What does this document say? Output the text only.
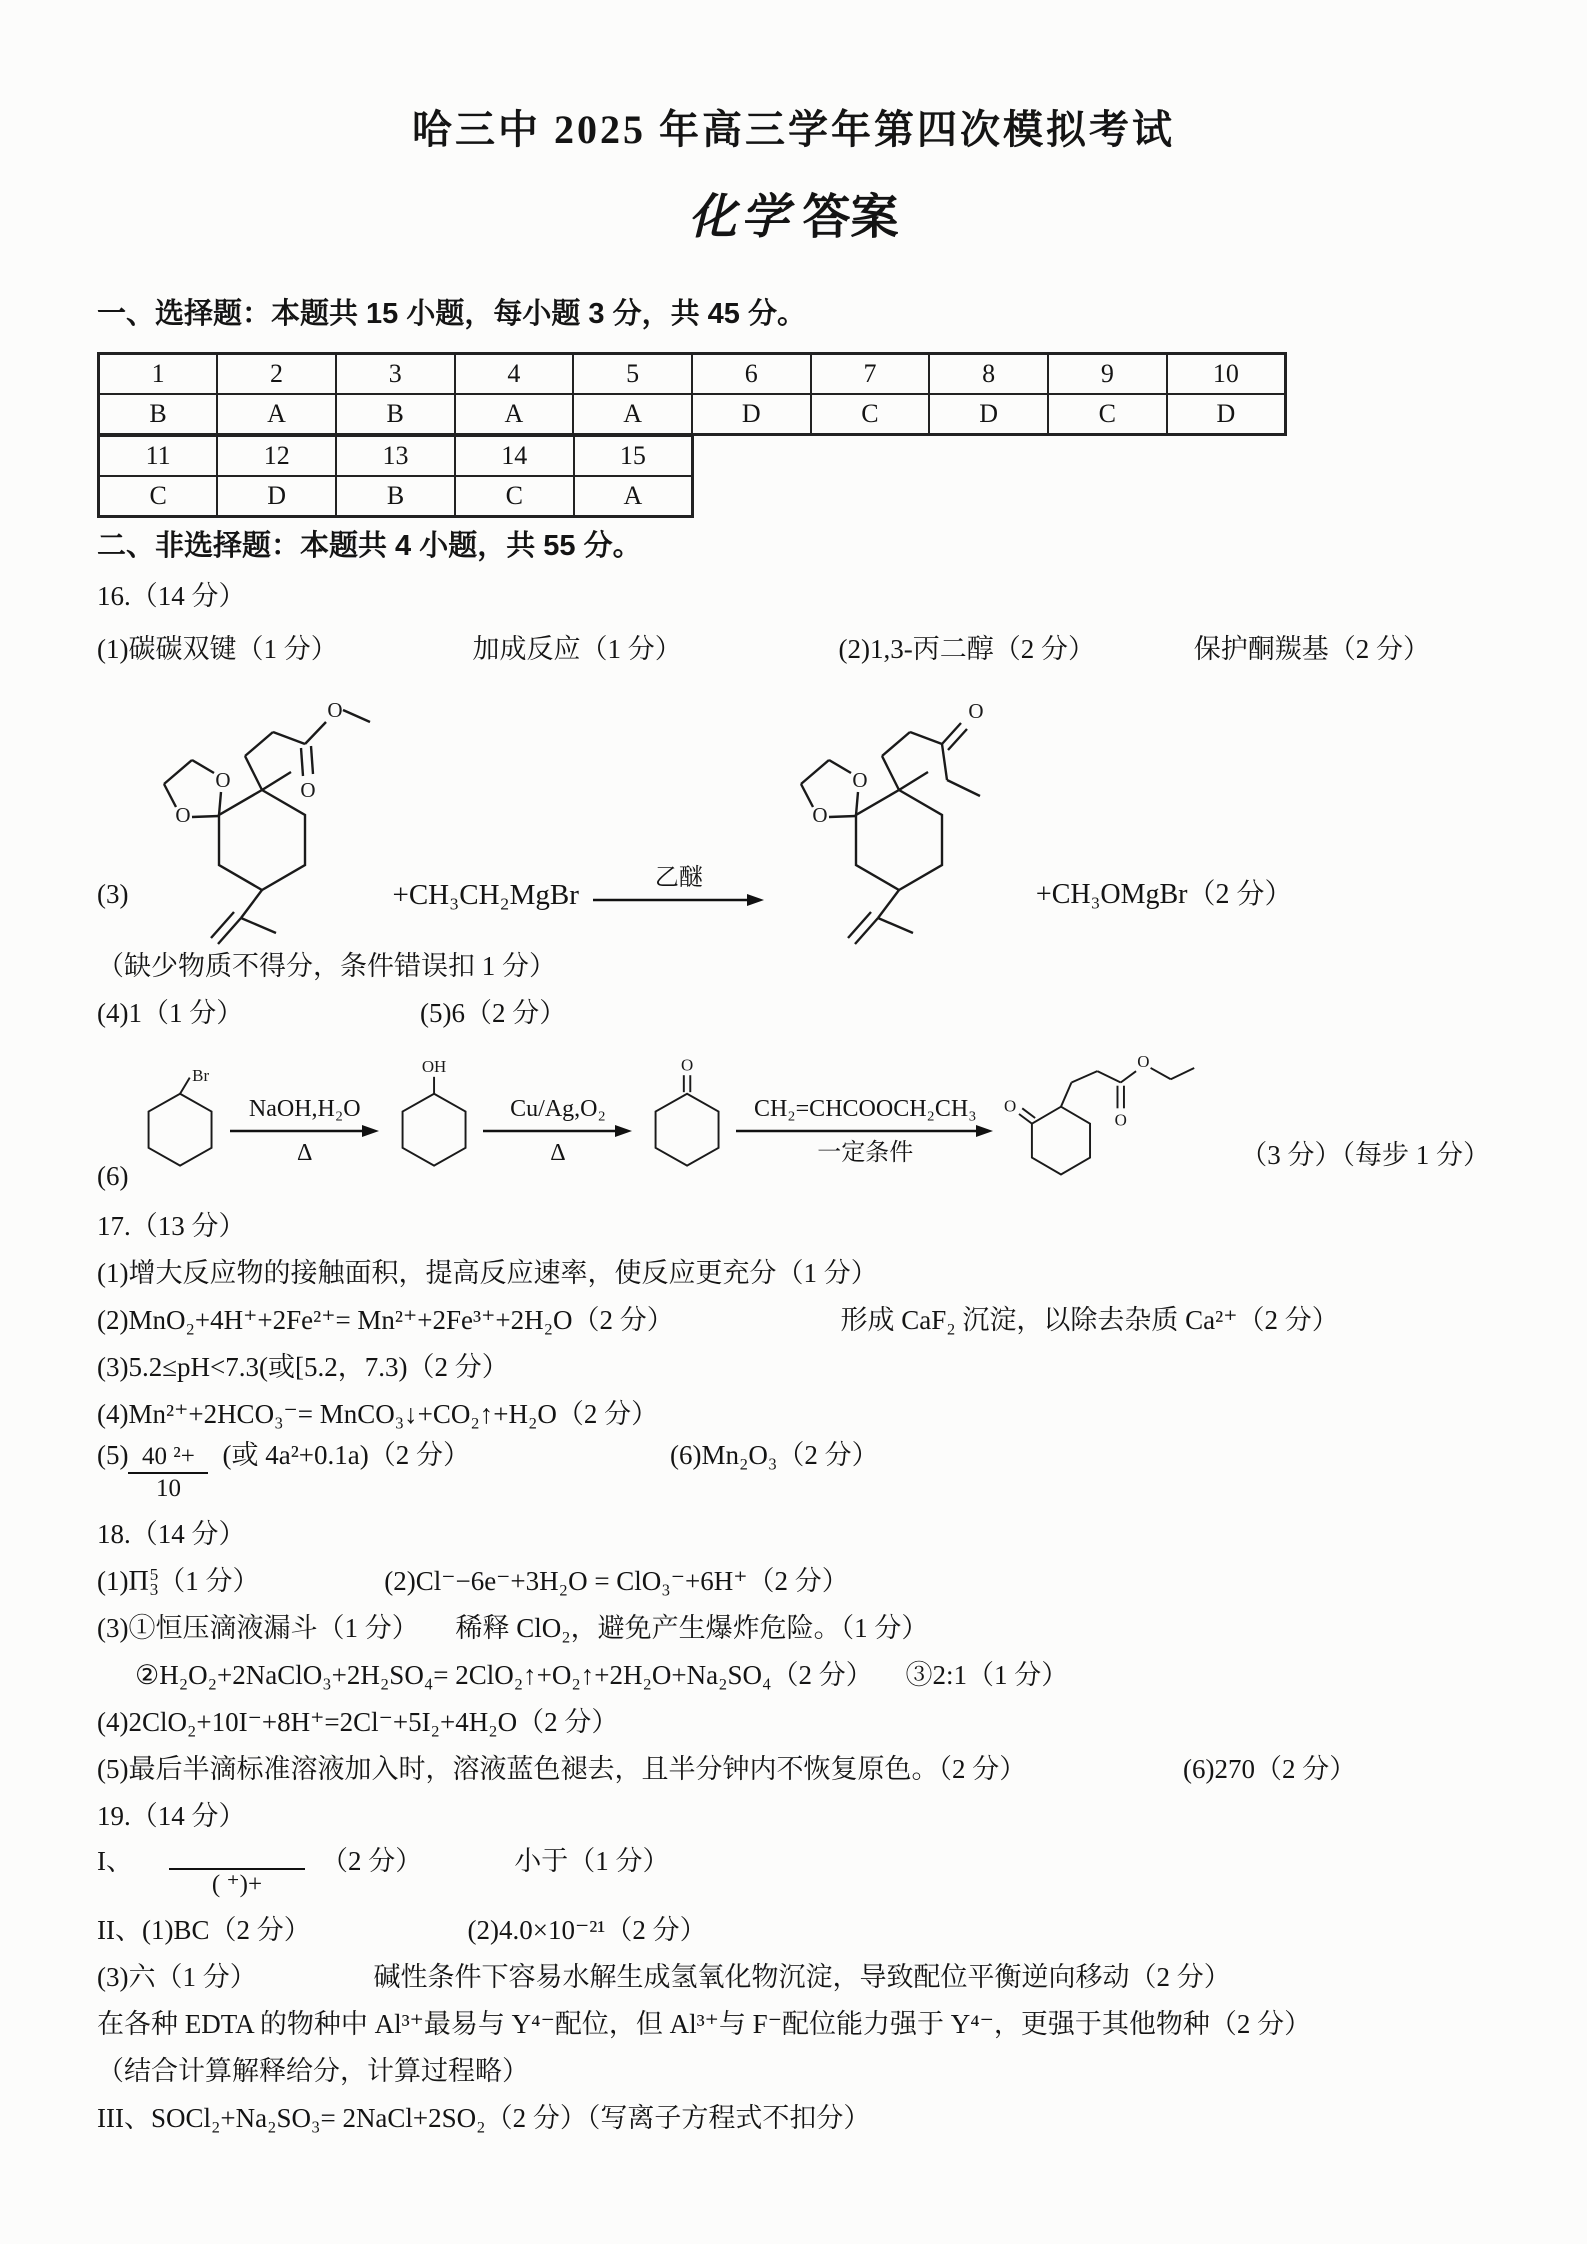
哈三中 2025 年高三学年第四次模拟考试
化学 答案
一、选择题：本题共 15 小题，每小题 3 分，共 45 分。
1	2	3	4	5	6	7	8	9	10
B	A	B	A	A	D	C	D	C	D
11	12	13	14	15
C	D	B	C	A
二、非选择题：本题共 4 小题，共 55 分。
16.（14 分）
(1)碳碳双键（1 分）	加成反应（1 分）	(2)1,3-丙二醇（2 分）	保护酮羰基（2 分）
(3)
O
O
O
O
+CH₃CH₂MgBr
乙醚
O
O
O
+CH₃OMgBr（2 分）
（缺少物质不得分，条件错误扣 1 分）
(4)1（1 分）	(5)6（2 分）
(6)
Br
NaOH,H₂O
Δ
OH
Cu/Ag,O₂
Δ
O
CH₂=CHCOOCH₂CH₃
一定条件
O
O
O
（3 分）（每步 1 分）
17.（13 分）
(1)增大反应物的接触面积，提高反应速率，使反应更充分（1 分）
(2)MnO₂+4H⁺+2Fe²⁺= Mn²⁺+2Fe³⁺+2H₂O（2 分）	形成 CaF₂ 沉淀，以除去杂质 Ca²⁺（2 分）
(3)5.2≤pH<7.3(或[5.2，7.3)（2 分）
(4)Mn²⁺+2HCO₃⁻= MnCO₃↓+CO₂↑+H₂O（2 分）
$(5) \frac{\text{40 ²+}}{10}$ (或 4a²+0.1a)（2 分）	(6)Mn₂O₃（2 分）
18.（14 分）
(1) Π 5
3 （1 分）	(2)Cl⁻−6e⁻+3H₂O = ClO₃⁻+6H⁺（2 分）
(3)①恒压滴液漏斗（1 分） 稀释 ClO₂，避免产生爆炸危险。（1 分）
②H₂O₂+2NaClO₃+2H₂SO₄= 2ClO₂↑+O₂↑+2H₂O+Na₂SO₄（2 分） ③2:1（1 分）
(4)2ClO₂+10I⁻+8H⁺=2Cl⁻+5I₂+4H₂O（2 分）
(5)最后半滴标准溶液加入时，溶液蓝色褪去，且半分钟内不恢复原色。（2 分）	(6)270（2 分）
19.（14 分）
I、
( ⁺)+
（2 分）	小于（1 分）
II、(1)BC（2 分）	(2)4.0×10⁻²¹（2 分）
(3)六（1 分）	碱性条件下容易水解生成氢氧化物沉淀，导致配位平衡逆向移动（2 分）
在各种 EDTA 的物种中 Al³⁺最易与 Y⁴⁻配位，但 Al³⁺与 F⁻配位能力强于 Y⁴⁻，更强于其他物种（2 分）
（结合计算解释给分，计算过程略）
III、SOCl₂+Na₂SO₃= 2NaCl+2SO₂（2 分）（写离子方程式不扣分）
